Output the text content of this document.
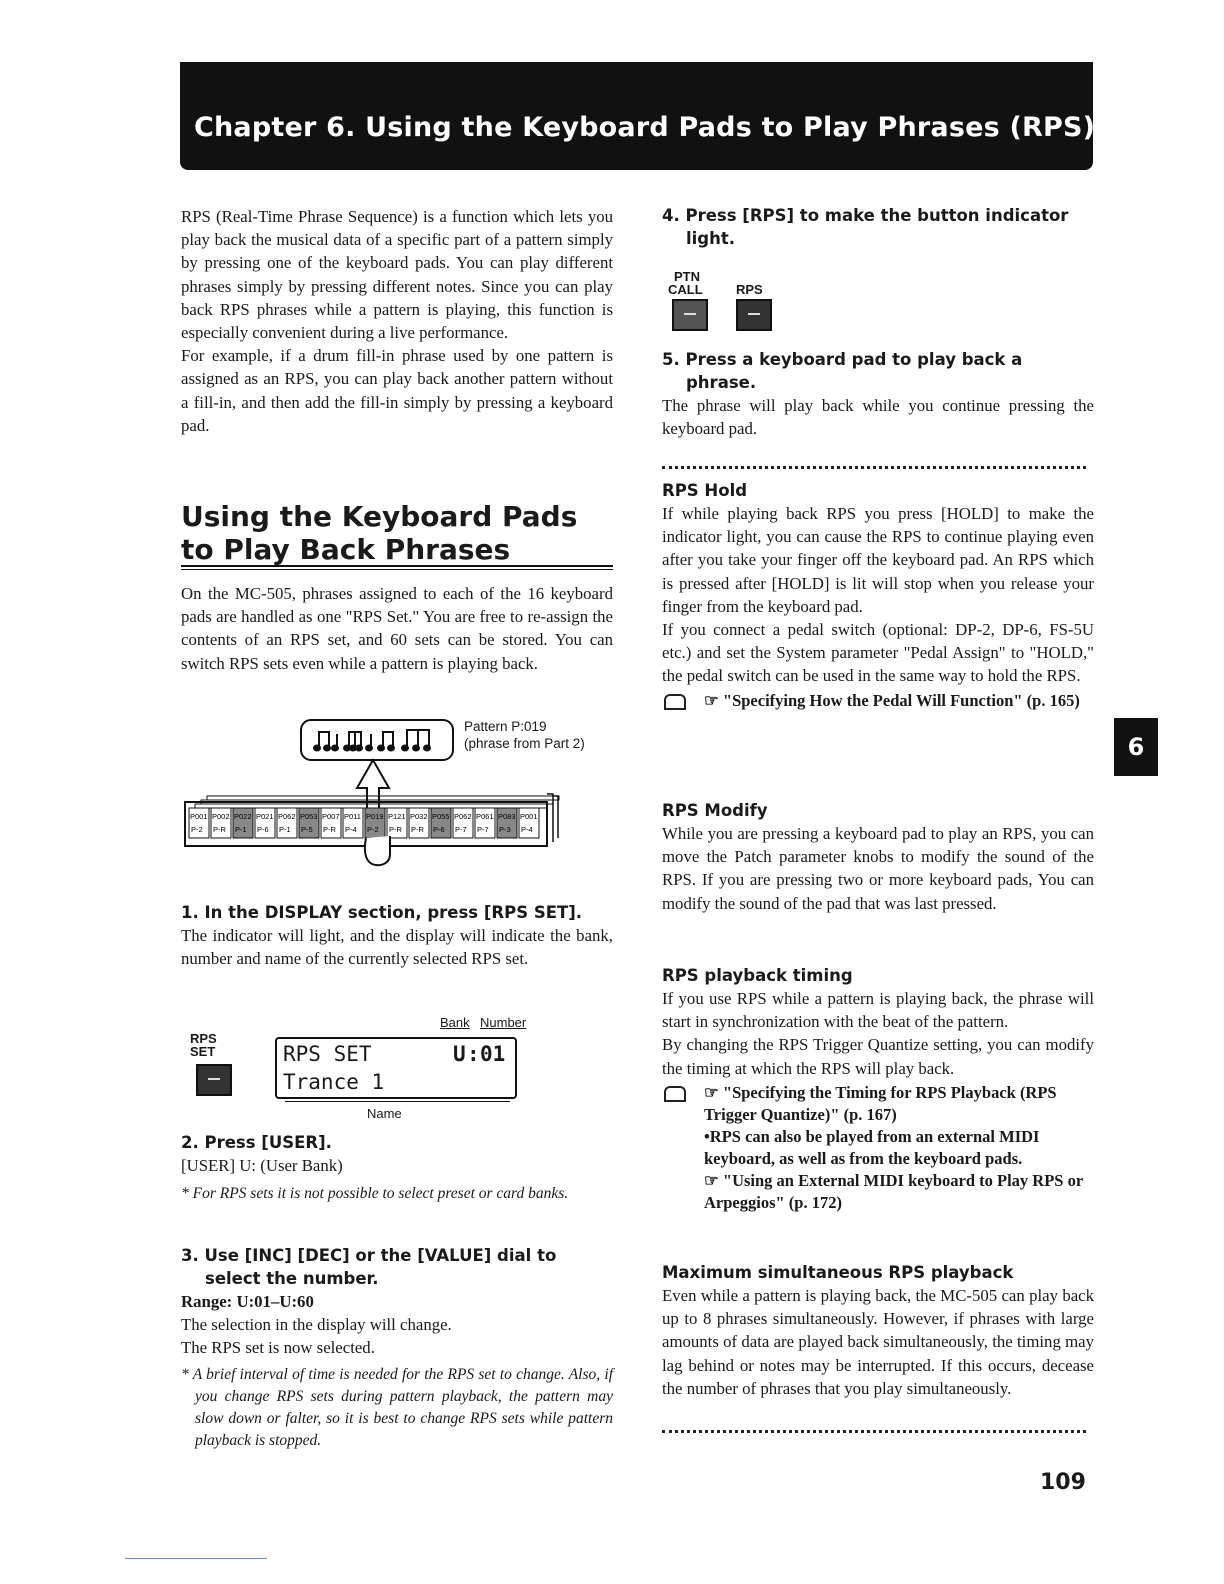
Chapter 6. Using the Keyboard Pads to Play Phrases (RPS)

RPS (Real-Time Phrase Sequence) is a function which lets you play back the musical data of a specific part of a pattern simply by pressing one of the keyboard pads. You can play different phrases simply by pressing different notes. Since you can play back RPS phrases while a pattern is playing, this function is especially convenient during a live performance.

For example, if a drum fill-in phrase used by one pattern is assigned as an RPS, you can play back another pattern without a fill-in, and then add the fill-in simply by pressing a keyboard pad.

Using the Keyboard Pads to Play Back Phrases

On the MC-505, phrases assigned to each of the 16 keyboard pads are handled as one "RPS Set." You are free to re-assign the contents of an RPS set, and 60 sets can be stored. You can switch RPS sets even while a pattern is playing back.

P001
P-2
P002
P-R
P022
P-1
P021
P-6
P062
P-1
P053
P-5
P007
P-R
P011
P-4
P019
P-2
P121
P-R
P032
P-R
P055
P-6
P062
P-7
P061
P-7
P083
P-3
P001
P-4
Pattern P:019
(phrase from Part 2)

1. In the DISPLAY section, press [RPS SET].

The indicator will light, and the display will indicate the bank, number and name of the currently selected RPS set.

RPS
SET
Bank Number
RPS SET	U : 01
Trance 1
Name

2. Press [USER].

[USER] U: (User Bank)

* For RPS sets it is not possible to select preset or card banks.

3. Use [INC] [DEC] or the [VALUE] dial to select the number.

Range: U:01–U:60

The selection in the display will change.

The RPS set is now selected.

* A brief interval of time is needed for the RPS set to change. Also, if you change RPS sets during pattern playback, the pattern may slow down or falter, so it is best to change RPS sets while pattern playback is stopped.

4. Press [RPS] to make the button indicator light.

PTN
CALL	RPS

5. Press a keyboard pad to play back a phrase.

The phrase will play back while you continue pressing the keyboard pad.

RPS Hold

If while playing back RPS you press [HOLD] to make the indicator light, you can cause the RPS to continue playing even after you take your finger off the keyboard pad. An RPS which is pressed after [HOLD] is lit will stop when you release your finger from the keyboard pad.

If you connect a pedal switch (optional: DP-2, DP-6, FS-5U etc.) and set the System parameter "Pedal Assign" to "HOLD," the pedal switch can be used in the same way to hold the RPS.

☞ "Specifying How the Pedal Will Function" (p. 165)

RPS Modify

While you are pressing a keyboard pad to play an RPS, you can move the Patch parameter knobs to modify the sound of the RPS. If you are pressing two or more keyboard pads, You can modify the sound of the pad that was last pressed.

RPS playback timing

If you use RPS while a pattern is playing back, the phrase will start in synchronization with the beat of the pattern.

By changing the RPS Trigger Quantize setting, you can modify the timing at which the RPS will play back.

☞ "Specifying the Timing for RPS Playback (RPS Trigger Quantize)" (p. 167)
•RPS can also be played from an external MIDI keyboard, as well as from the keyboard pads.
☞ "Using an External MIDI keyboard to Play RPS or Arpeggios" (p. 172)

Maximum simultaneous RPS playback

Even while a pattern is playing back, the MC-505 can play back up to 8 phrases simultaneously. However, if phrases with large amounts of data are played back simultaneously, the timing may lag behind or notes may be interrupted. If this occurs, decease the number of phrases that you play simultaneously.

6
109
